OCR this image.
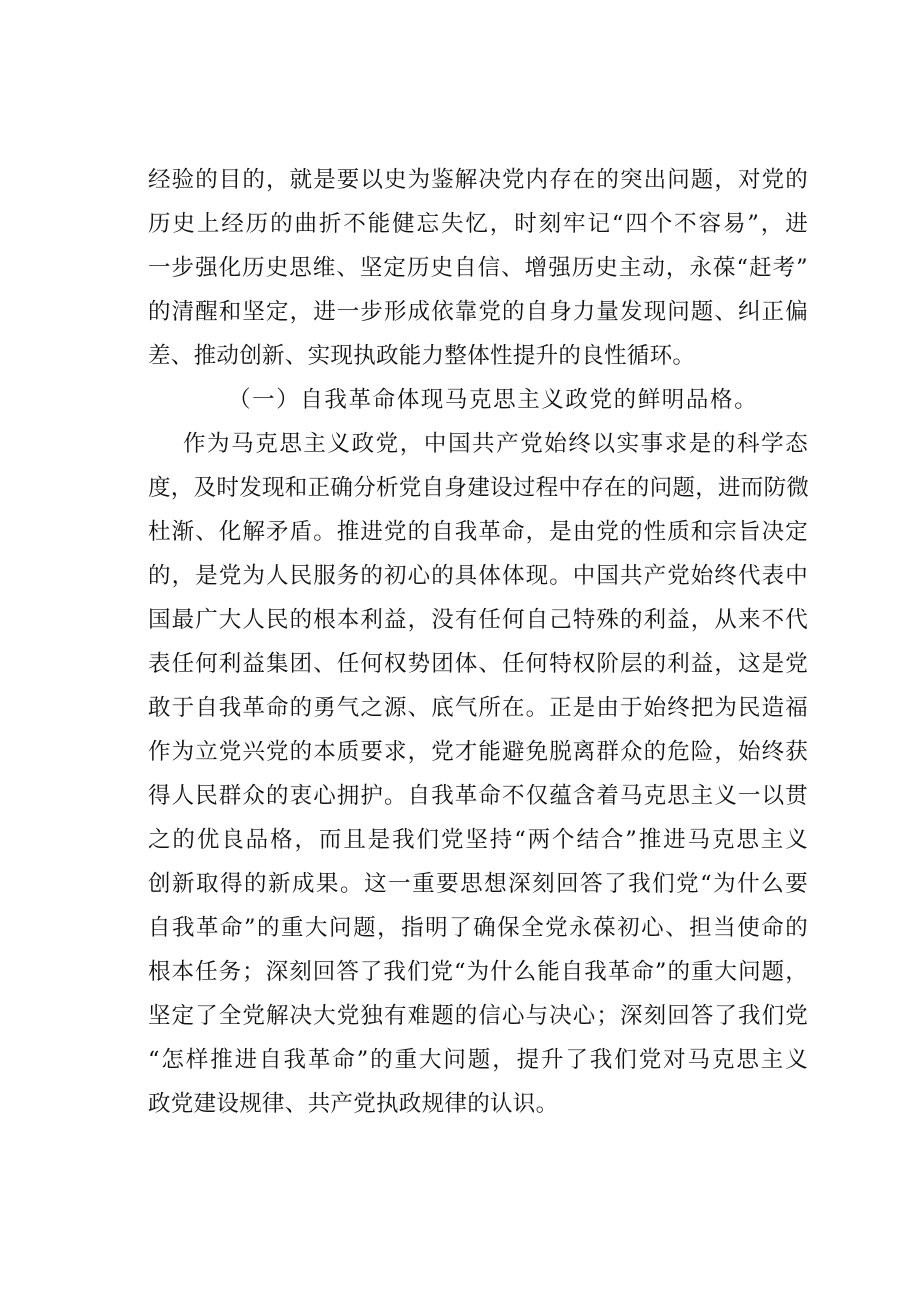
经验的目的，就是要以史为鉴解决党内存在的突出问题，对党的
历史上经历的曲折不能健忘失忆，时刻牢记“四个不容易”，进
一步强化历史思维、坚定历史自信、增强历史主动，永葆“赶考”
的清醒和坚定，进一步形成依靠党的自身力量发现问题、纠正偏
差、推动创新、实现执政能力整体性提升的良性循环。
（一）自我革命体现马克思主义政党的鲜明品格。
作为马克思主义政党，中国共产党始终以实事求是的科学态
度，及时发现和正确分析党自身建设过程中存在的问题，进而防微
杜渐、化解矛盾。推进党的自我革命，是由党的性质和宗旨决定
的，是党为人民服务的初心的具体体现。中国共产党始终代表中
国最广大人民的根本利益，没有任何自己特殊的利益，从来不代
表任何利益集团、任何权势团体、任何特权阶层的利益，这是党
敢于自我革命的勇气之源、底气所在。正是由于始终把为民造福
作为立党兴党的本质要求，党才能避免脱离群众的危险，始终获
得人民群众的衷心拥护。自我革命不仅蕴含着马克思主义一以贯
之的优良品格，而且是我们党坚持“两个结合”推进马克思主义
创新取得的新成果。这一重要思想深刻回答了我们党“为什么要
自我革命”的重大问题，指明了确保全党永葆初心、担当使命的
根本任务；深刻回答了我们党“为什么能自我革命”的重大问题，
坚定了全党解决大党独有难题的信心与决心；深刻回答了我们党
“怎样推进自我革命”的重大问题，提升了我们党对马克思主义
政党建设规律、共产党执政规律的认识。
